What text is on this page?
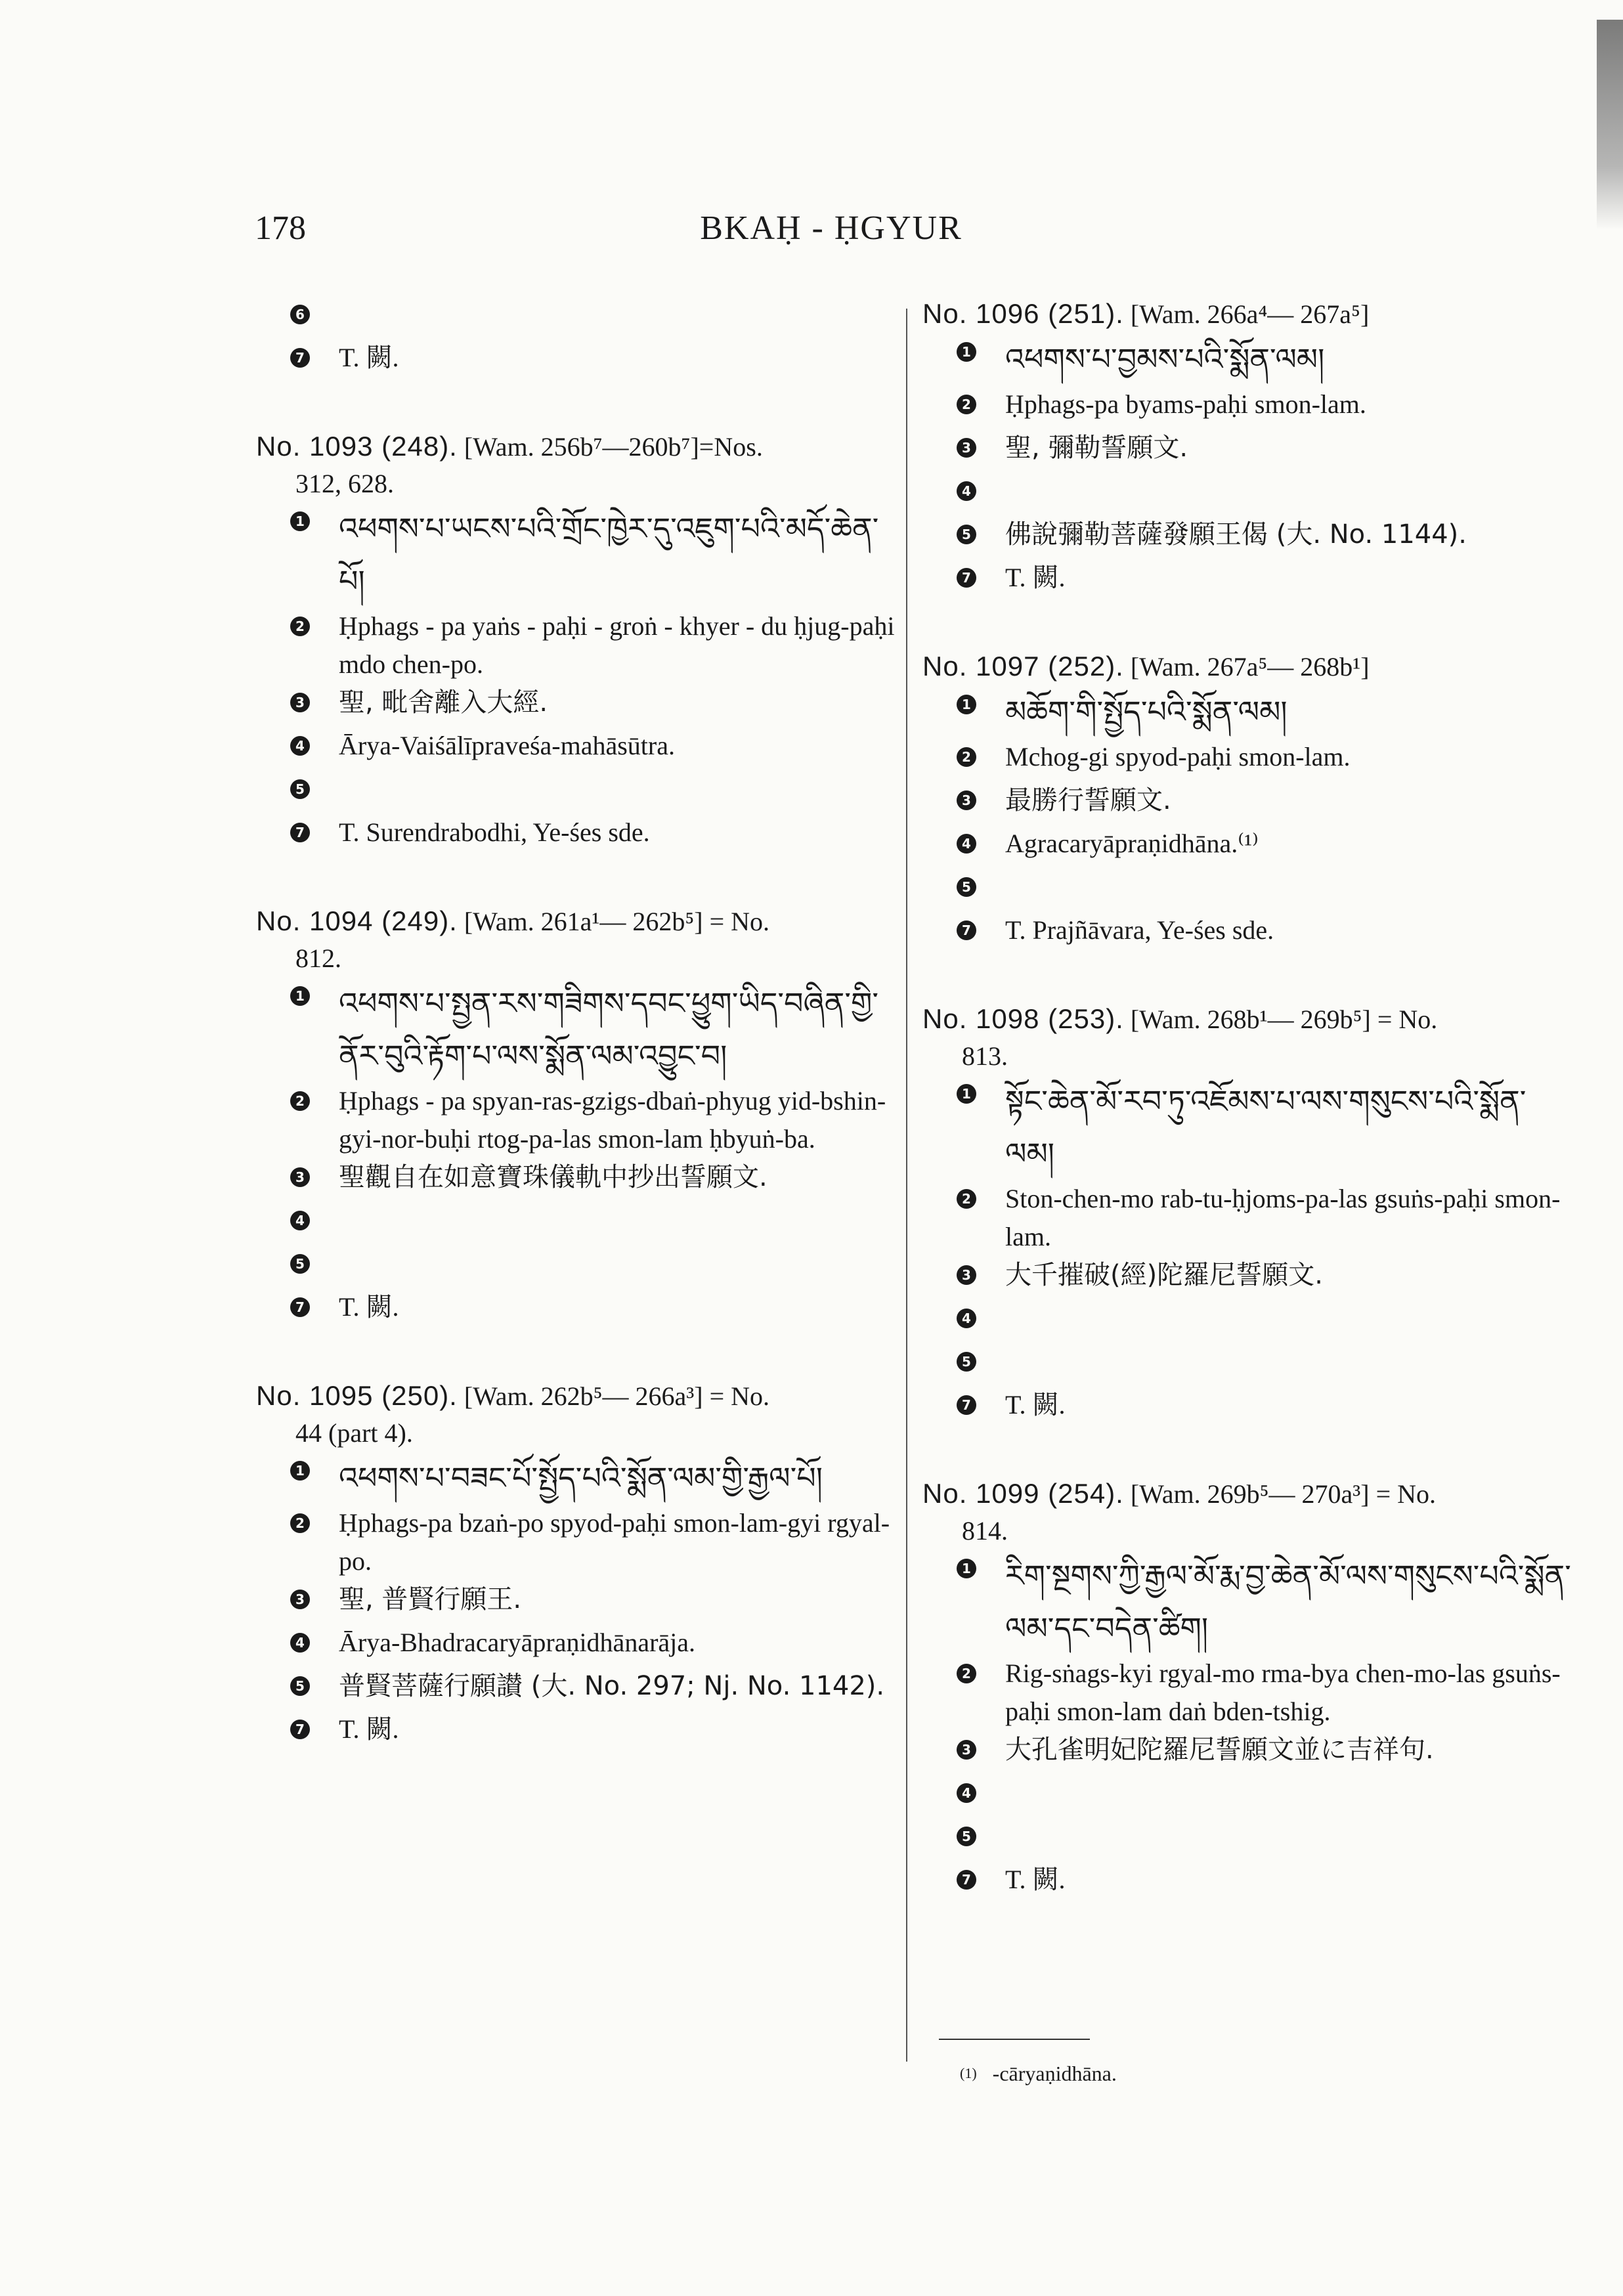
178	BKAḤ - ḤGYUR
6
7 T. 闕.
No. 1093 (248). [Wam. 256b⁷—260b⁷]=Nos.
312, 628.
1 འཕགས་པ་ཡངས་པའི་གྲོང་ཁྱེར་དུ་འཇུག་པའི་མདོ་ཆེན་པོ།
2 Ḥphags - pa yaṅs - paḥi - groṅ - khyer - du ḥjug-paḥi mdo chen-po.
3 聖, 毗舍離入大經.
4 Ārya-Vaiśālīpraveśa-mahāsūtra.
5
7 T. Surendrabodhi, Ye-śes sde.
No. 1094 (249). [Wam. 261a¹— 262b⁵] = No.
812.
1 འཕགས་པ་སྤྱན་རས་གཟིགས་དབང་ཕྱུག་ཡིད་བཞིན་གྱི་ནོར་བུའི་རྟོག་པ་ལས་སྨོན་ལམ་འབྱུང་བ།
2 Ḥphags - pa spyan-ras-gzigs-dbaṅ-phyug yid-bshin-gyi-nor-buḥi rtog-pa-las smon-lam ḥbyuṅ-ba.
3 聖觀自在如意寶珠儀軌中抄出誓願文.
4
5
7 T. 闕.
No. 1095 (250). [Wam. 262b⁵— 266a³] = No.
44 (part 4).
1 འཕགས་པ་བཟང་པོ་སྤྱོད་པའི་སྨོན་ལམ་གྱི་རྒྱལ་པོ།
2 Ḥphags-pa bzaṅ-po spyod-paḥi smon-lam-gyi rgyal-po.
3 聖, 普賢行願王.
4 Ārya-Bhadracaryāpraṇidhānarāja.
5 普賢菩薩行願讃 (大. No. 297; Nj. No. 1142).
7 T. 闕.
No. 1096 (251). [Wam. 266a⁴— 267a⁵]
1 འཕགས་པ་བྱམས་པའི་སྨོན་ལམ།
2 Ḥphags-pa byams-paḥi smon-lam.
3 聖, 彌勒誓願文.
4
5 佛說彌勒菩薩發願王偈 (大. No. 1144).
7 T. 闕.
No. 1097 (252). [Wam. 267a⁵— 268b¹]
1 མཆོག་གི་སྤྱོད་པའི་སྨོན་ལམ།
2 Mchog-gi spyod-paḥi smon-lam.
3 最勝行誓願文.
4 Agracaryāpraṇidhāna.⁽¹⁾
5
7 T. Prajñāvara, Ye-śes sde.
No. 1098 (253). [Wam. 268b¹— 269b⁵] = No.
813.
1 སྟོང་ཆེན་མོ་རབ་ཏུ་འཇོམས་པ་ལས་གསུངས་པའི་སྨོན་ལམ།
2 Ston-chen-mo rab-tu-ḥjoms-pa-las gsuṅs-paḥi smon-lam.
3 大千摧破(經)陀羅尼誓願文.
4
5
7 T. 闕.
No. 1099 (254). [Wam. 269b⁵— 270a³] = No.
814.
1 རིག་སྔགས་ཀྱི་རྒྱལ་མོ་རྨ་བྱ་ཆེན་མོ་ལས་གསུངས་པའི་སྨོན་ལམ་དང་བདེན་ཚིག།
2 Rig-sṅags-kyi rgyal-mo rma-bya chen-mo-las gsuṅs-paḥi smon-lam daṅ bden-tshig.
3 大孔雀明妃陀羅尼誓願文並に吉祥句.
4
5
7 T. 闕.
(1) -cāryaṇidhāna.
